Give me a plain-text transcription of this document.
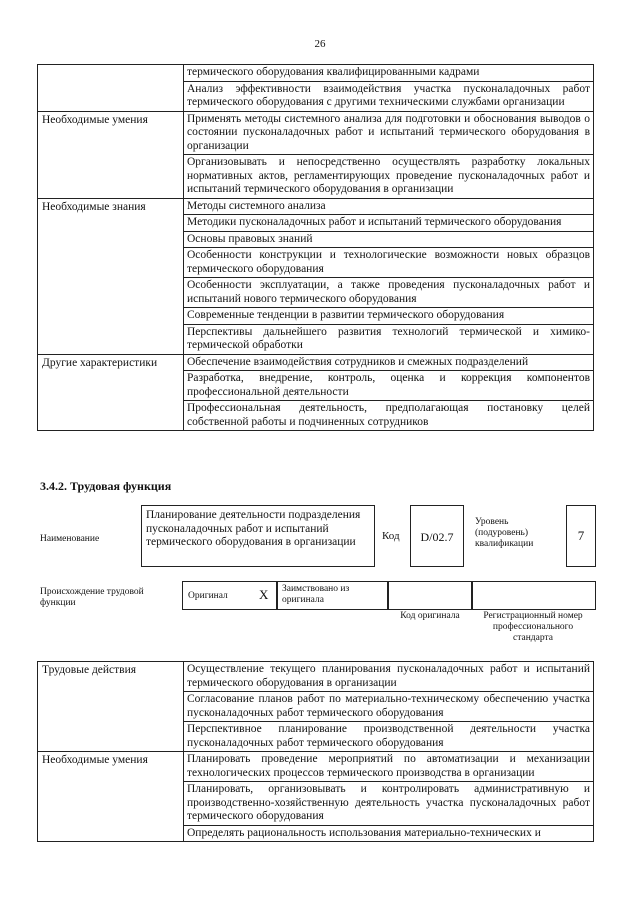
26
	термического оборудования квалифицированными кадрами
	Анализ эффективности взаимодействия участка пусконаладочных работ термического оборудования с другими техническими службами организации
Необходимые умения	Применять методы системного анализа для подготовки и обоснования выводов о состоянии пусконаладочных работ и испытаний термического оборудования в организации
	Организовывать и непосредственно осуществлять разработку локальных нормативных актов, регламентирующих проведение пусконаладочных работ и испытаний термического оборудования в организации
Необходимые знания	Методы системного анализа
	Методики пусконаладочных работ и испытаний термического оборудования
	Основы правовых знаний
	Особенности конструкции и технологические возможности новых образцов термического оборудования
	Особенности эксплуатации, а также проведения пусконаладочных работ и испытаний нового термического оборудования
	Современные тенденции в развитии термического оборудования
	Перспективы дальнейшего развития технологий термической и химико-термической обработки
Другие характеристики	Обеспечение взаимодействия сотрудников и смежных подразделений
	Разработка, внедрение, контроль, оценка и коррекция компонентов профессиональной деятельности
	Профессиональная деятельность, предполагающая постановку целей собственной работы и подчиненных сотрудников
3.4.2. Трудовая функция
Наименование
Планирование деятельности подразделения пусконаладочных работ и испытаний термического оборудования в организации	Код	D/02.7
Уровень (подуровень) квалификации
7
Происхождение трудовой функции
Оригинал X Заимствовано из оригинала
Код оригинала	Регистрационный номер профессионального стандарта
Трудовые действия	Осуществление текущего планирования пусконаладочных работ и испытаний термического оборудования в организации
	Согласование планов работ по материально-техническому обеспечению участка пусконаладочных работ термического оборудования
	Перспективное планирование производственной деятельности участка пусконаладочных работ термического оборудования
Необходимые умения	Планировать проведение мероприятий по автоматизации и механизации технологических процессов термического производства в организации
	Планировать, организовывать и контролировать административную и производственно-хозяйственную деятельность участка пусконаладочных работ термического оборудования
	Определять рациональность использования материально-технических и
